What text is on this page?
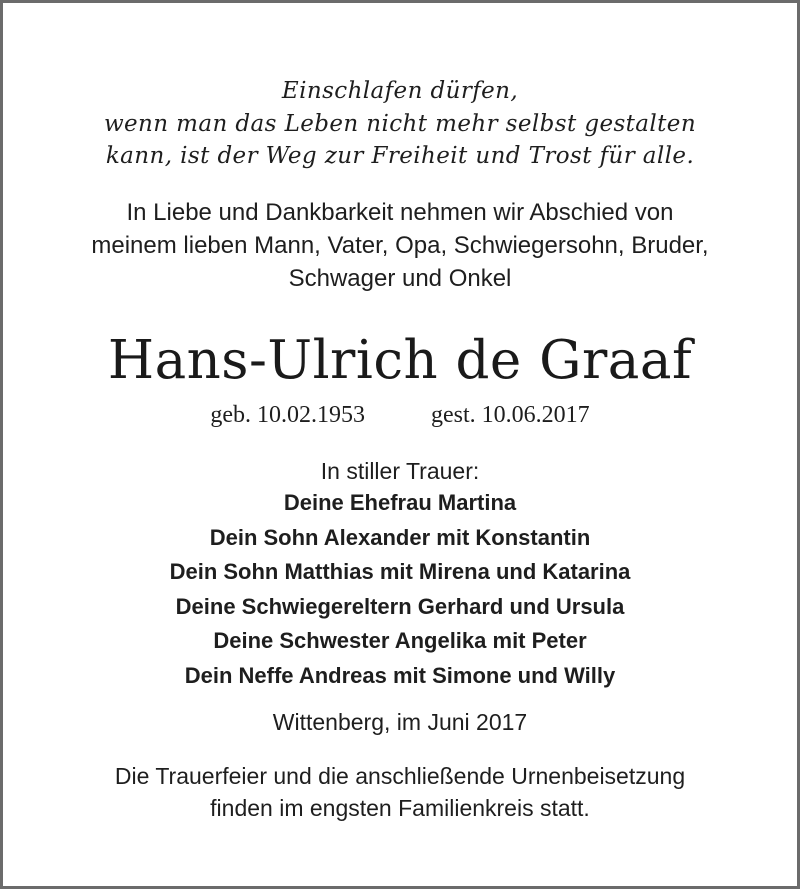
Einschlafen dürfen,
wenn man das Leben nicht mehr selbst gestalten
kann, ist der Weg zur Freiheit und Trost für alle.
In Liebe und Dankbarkeit nehmen wir Abschied von
meinem lieben Mann, Vater, Opa, Schwiegersohn, Bruder,
Schwager und Onkel
Hans-Ulrich de Graaf
geb. 10.02.1953	gest. 10.06.2017
In stiller Trauer:
Deine Ehefrau Martina
Dein Sohn Alexander mit Konstantin
Dein Sohn Matthias mit Mirena und Katarina
Deine Schwiegereltern Gerhard und Ursula
Deine Schwester Angelika mit Peter
Dein Neffe Andreas mit Simone und Willy
Wittenberg, im Juni 2017
Die Trauerfeier und die anschließende Urnenbeisetzung
finden im engsten Familienkreis statt.
